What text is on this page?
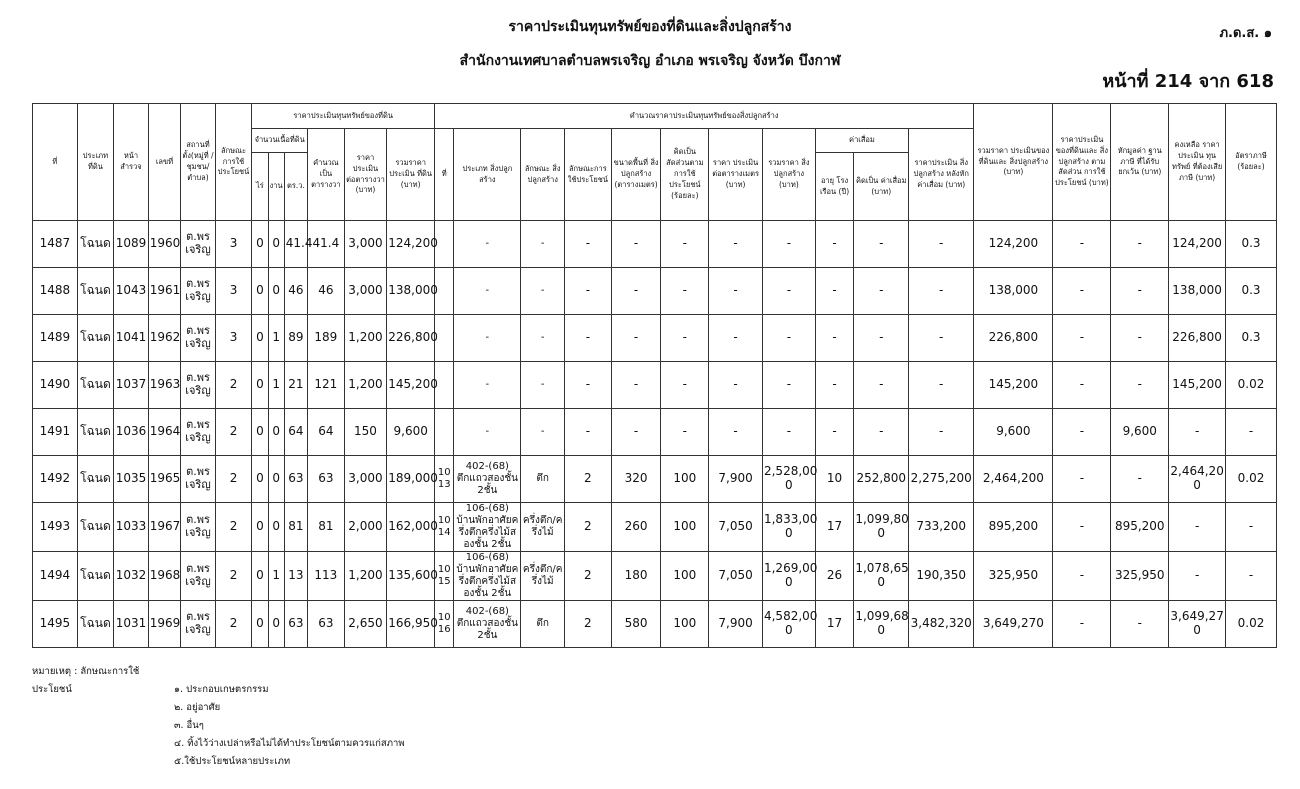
ราคาประเมินทุนทรัพย์ของที่ดินและสิ่งปลูกสร้าง
สำนักงานเทศบาลตำบลพรเจริญ อำเภอ พรเจริญ จังหวัด บึงกาฬ
ภ.ด.ส. ๑
หน้าที่ 214 จาก 618
ที่	ประเภท ที่ดิน	หน้า สำรวจ	เลขที่	สถานที่ ตั้ง(หมู่ที่ /ชุมชน/ ตำบล)	ลักษณะ การใช้ ประโยชน์	ราคาประเมินทุนทรัพย์ของที่ดิน						คำนวณราคาประเมินทุนทรัพย์ของสิ่งปลูกสร้าง											รวมราคา ประเมินของ ที่ดินและ สิ่งปลูกสร้าง (บาท)	ราคาประเมิน ของที่ดินและ สิ่งปลูกสร้าง ตามสัดส่วน การใช้ประโยชน์ (บาท)	หักมูลค่า ฐานภาษี ที่ได้รับ ยกเว้น (บาท)	คงเหลือ ราคาประเมิน ทุนทรัพย์ ที่ต้องเสียภาษี (บาท)	อัตราภาษี (ร้อยละ)
						จำนวนเนื้อที่ดิน			คำนวณ เป็น ตารางวา	ราคา ประเมิน ต่อตารางวา (บาท)	รวมราคา ประเมิน ที่ดิน (บาท)	ที่	ประเภท สิ่งปลูกสร้าง	ลักษณะ สิ่งปลูกสร้าง	ลักษณะการ ใช้ประโยชน์	ขนาดพื้นที่ สิ่งปลูกสร้าง (ตารางเมตร)	คิดเป็น สัดส่วนตาม การใช้ ประโยชน์ (ร้อยละ)	ราคา ประเมิน ต่อตารางเมตร (บาท)	รวมราคา สิ่งปลูกสร้าง (บาท)	ค่าเสื่อม		ราคาประเมิน สิ่งปลูกสร้าง หลังหัก ค่าเสื่อม (บาท)					
						ไร่	งาน	ตร.ว.												อายุ โรงเรือน (ปี)	คิดเป็น ค่าเสื่อม (บาท)						
1487	โฉนด	1089	1960	ต.พร เจริญ	3	0	0	41.4	41.4	3,000	124,200		-	-	-	-	-	-	-	-	-	-	124,200	-	-	124,200	0.3
1488	โฉนด	1043	1961	ต.พร เจริญ	3	0	0	46	46	3,000	138,000		-	-	-	-	-	-	-	-	-	-	138,000	-	-	138,000	0.3
1489	โฉนด	1041	1962	ต.พร เจริญ	3	0	1	89	189	1,200	226,800		-	-	-	-	-	-	-	-	-	-	226,800	-	-	226,800	0.3
1490	โฉนด	1037	1963	ต.พร เจริญ	2	0	1	21	121	1,200	145,200		-	-	-	-	-	-	-	-	-	-	145,200	-	-	145,200	0.02
1491	โฉนด	1036	1964	ต.พร เจริญ	2	0	0	64	64	150	9,600		-	-	-	-	-	-	-	-	-	-	9,600	-	9,600	-	-
1492	โฉนด	1035	1965	ต.พร เจริญ	2	0	0	63	63	3,000	189,000	10 13	402-(68) ตึกแถวสองชั้น 2ชั้น	ตึก	2	320	100	7,900	2,528,00 0	10	252,800	2,275,200	2,464,200	-	-	2,464,20 0	0.02
1493	โฉนด	1033	1967	ต.พร เจริญ	2	0	0	81	81	2,000	162,000	10 14	106-(68) บ้านพักอาศัยค รึ่งตึกครึ่งไม้ส องชั้น 2ชั้น	ครึ่งตึก/ค รึ่งไม้	2	260	100	7,050	1,833,00 0	17	1,099,80 0	733,200	895,200	-	895,200	-	-
1494	โฉนด	1032	1968	ต.พร เจริญ	2	0	1	13	113	1,200	135,600	10 15	106-(68) บ้านพักอาศัยค รึ่งตึกครึ่งไม้ส องชั้น 2ชั้น	ครึ่งตึก/ค รึ่งไม้	2	180	100	7,050	1,269,00 0	26	1,078,65 0	190,350	325,950	-	325,950	-	-
1495	โฉนด	1031	1969	ต.พร เจริญ	2	0	0	63	63	2,650	166,950	10 16	402-(68) ตึกแถวสองชั้น 2ชั้น	ตึก	2	580	100	7,900	4,582,00 0	17	1,099,68 0	3,482,320	3,649,270	-	-	3,649,27 0	0.02
หมายเหตุ : ลักษณะการใช้ประโยชน์	๑. ประกอบเกษตรกรรม
๒. อยู่อาศัย
๓. อื่นๆ
๔. ทิ้งไว้ว่างเปล่าหรือไม่ได้ทำประโยชน์ตามควรแก่สภาพ
๕.ใช้ประโยชน์หลายประเภท
